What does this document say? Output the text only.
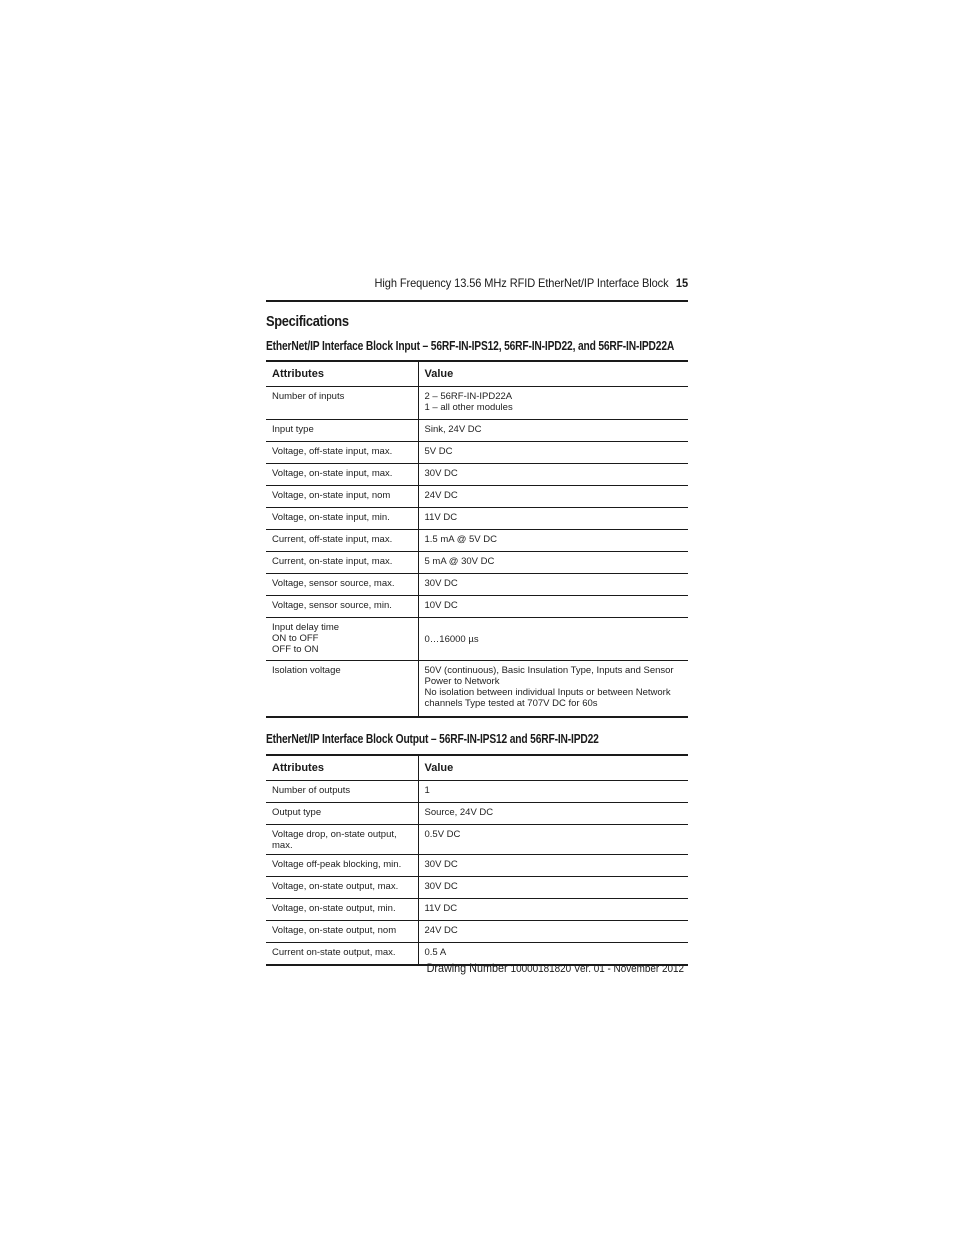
High Frequency 13.56 MHz RFID EtherNet/IP Interface Block 15
Specifications
EtherNet/IP Interface Block Input – 56RF-IN-IPS12, 56RF-IN-IPD22, and 56RF-IN-IPD22A
Attributes	Value

Number of inputs	2 – 56RF-IN-IPD22A
1 – all other modules

Input type	Sink, 24V DC

Voltage, off-state input, max.	5V DC

Voltage, on-state input, max.	30V DC

Voltage, on-state input, nom	24V DC

Voltage, on-state input, min.	11V DC

Current, off-state input, max.	1.5 mA @ 5V DC

Current, on-state input, max.	5 mA @ 30V DC

Voltage, sensor source, max.	30V DC

Voltage, sensor source, min.	10V DC

Input delay time
ON to OFF
OFF to ON	0…16000 µs

Isolation voltage	50V (continuous), Basic Insulation Type, Inputs and Sensor Power to Network
No isolation between individual Inputs or between Network channels Type tested at 707V DC for 60s
EtherNet/IP Interface Block Output – 56RF-IN-IPS12 and 56RF-IN-IPD22
Attributes	Value

Number of outputs	1

Output type	Source, 24V DC

Voltage drop, on-state output, max.	0.5V DC

Voltage off-peak blocking, min.	30V DC

Voltage, on-state output, max.	30V DC

Voltage, on-state output, min.	11V DC

Voltage, on-state output, nom	24V DC

Current on-state output, max.	0.5 A
Drawing Number 10000181820 Ver. 01 - November 2012
